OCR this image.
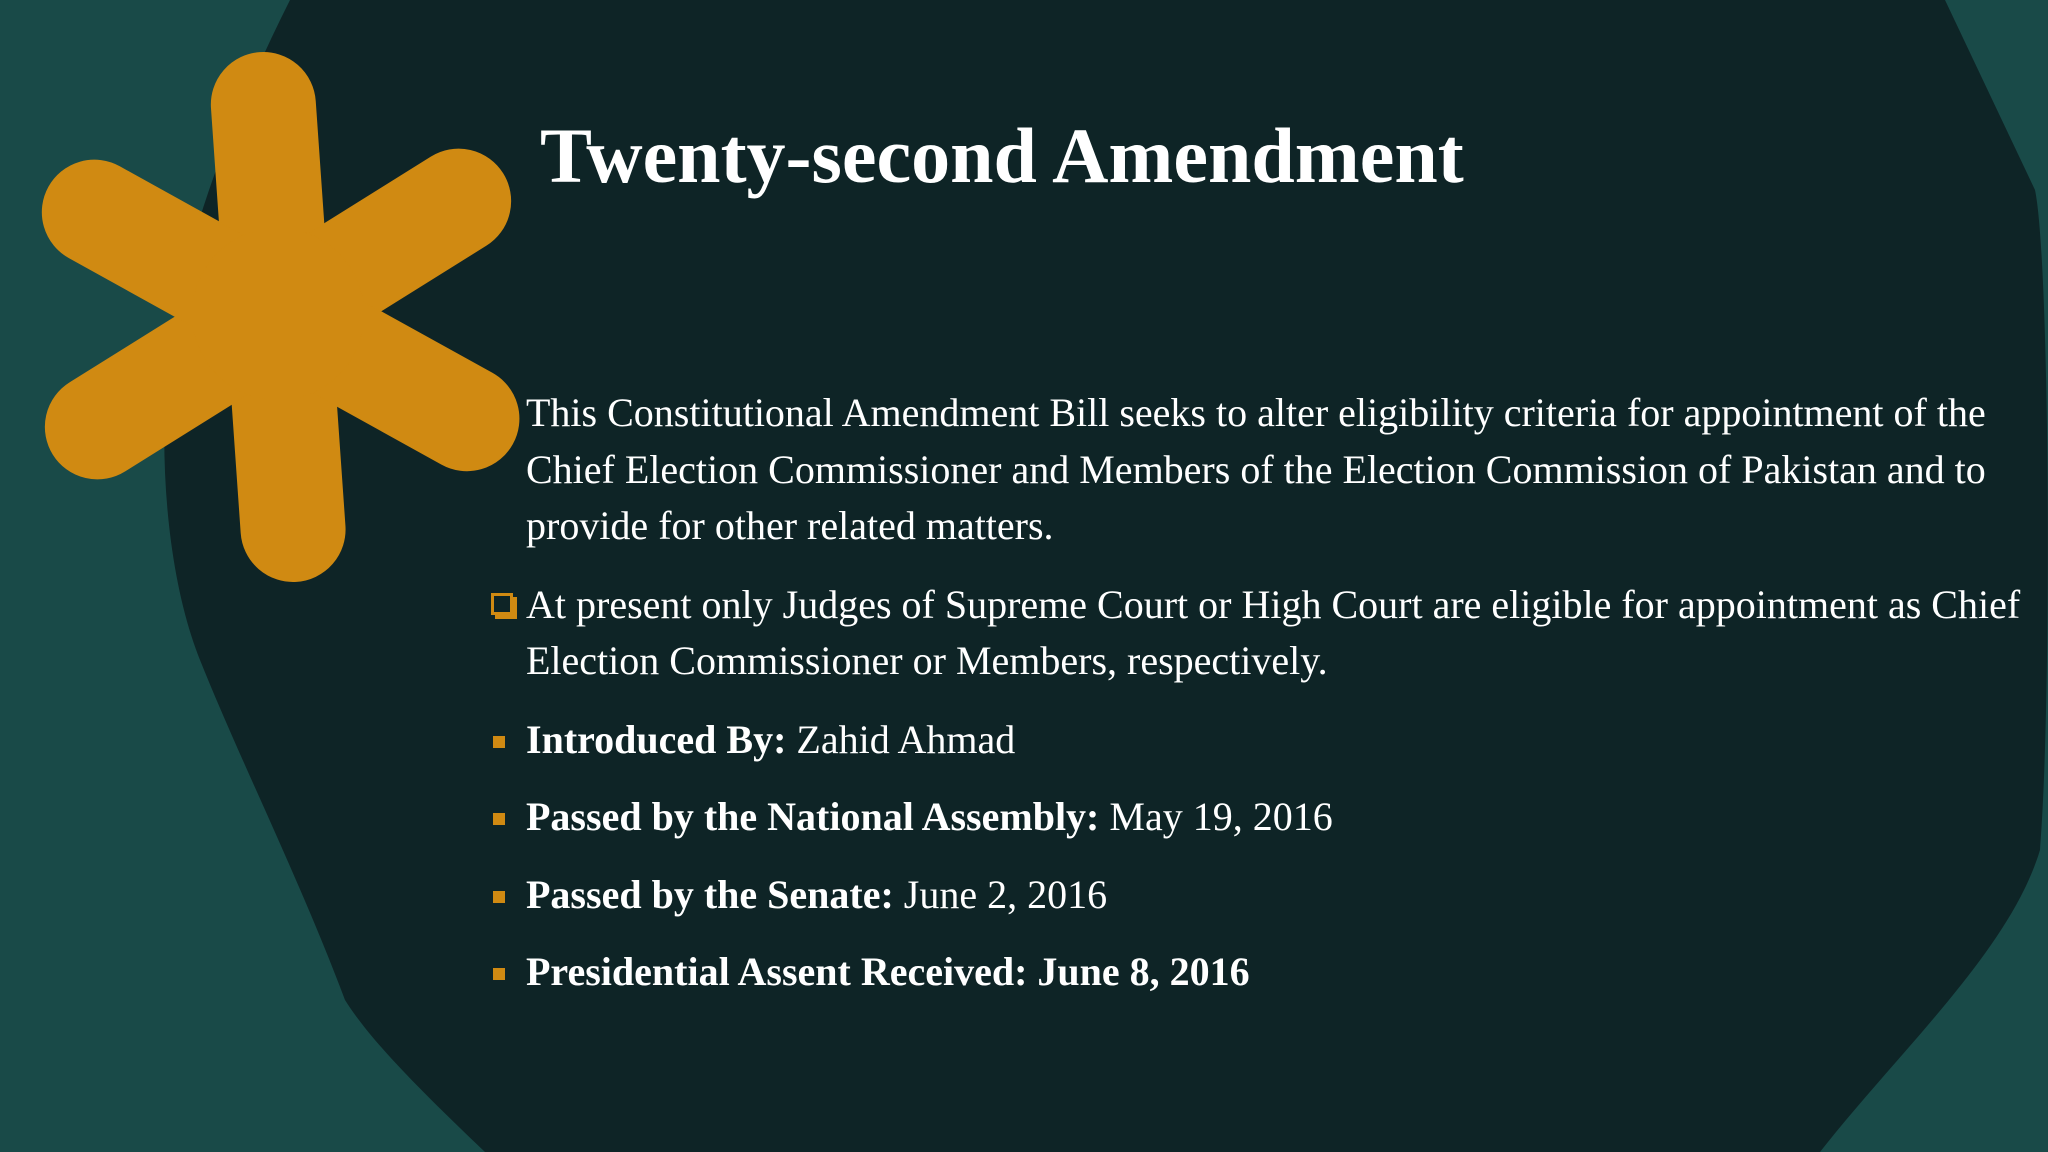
Twenty-second Amendment
This Constitutional Amendment Bill seeks to alter eligibility criteria for appointment of the Chief Election Commissioner and Members of the Election Commission of Pakistan and to provide for other related matters.
At present only Judges of Supreme Court or High Court are eligible for appointment as Chief Election Commissioner or Members, respectively.
Introduced By: Zahid Ahmad
Passed by the National Assembly: May 19, 2016
Passed by the Senate: June 2, 2016
Presidential Assent Received: June 8, 2016
